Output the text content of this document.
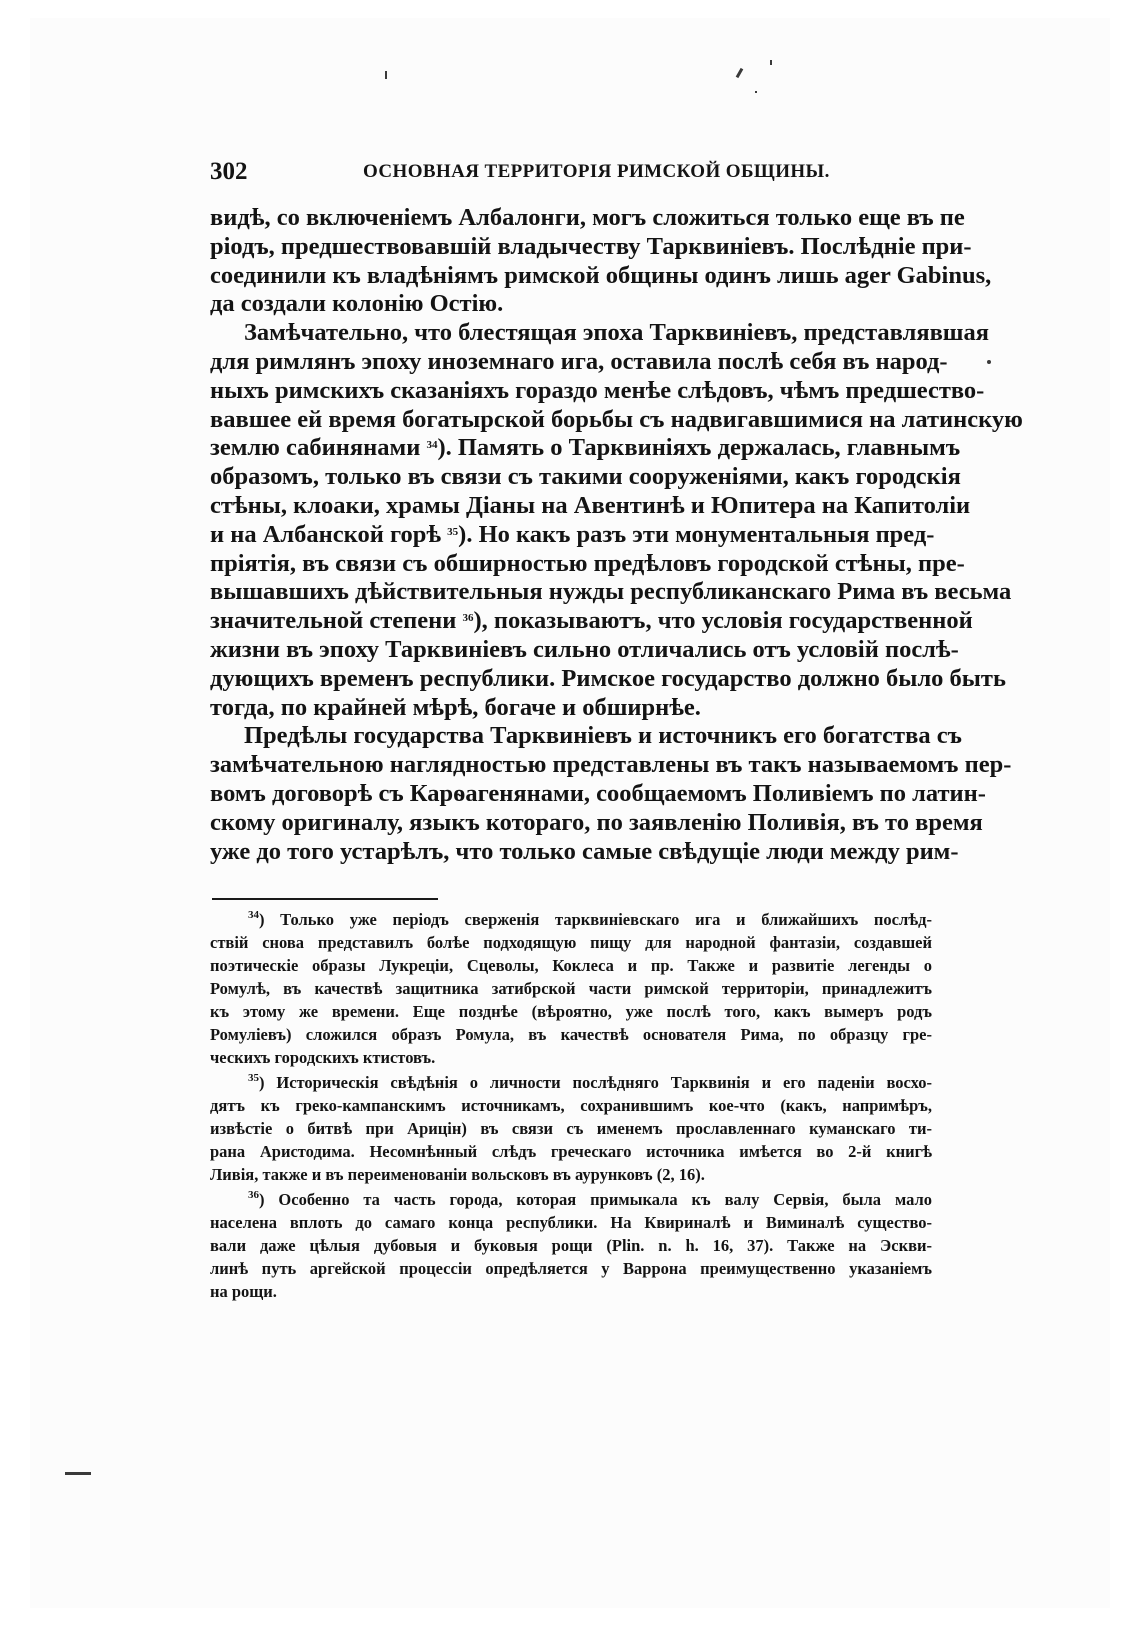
302	ОСНОВНАЯ ТЕРРИТОРІЯ РИМСКОЙ ОБЩИНЫ.

видѣ, со включеніемъ Албалонги, могъ сложиться только еще въ пе
ріодъ, предшествовавшій владычеству Тарквиніевъ. Послѣдніе при-
соединили къ владѣніямъ римской общины одинъ лишь ager Gabinus,
да создали колонію Остію.

Замѣчательно, что блестящая эпоха Тарквиніевъ, представлявшая
для римлянъ эпоху иноземнаго ига, оставила послѣ себя въ народ-
ныхъ римскихъ сказаніяхъ гораздо менѣе слѣдовъ, чѣмъ предшество-
вавшее ей время богатырской борьбы съ надвигавшимися на латинскую
землю сабинянами $^{34}$). Память о Тарквиніяхъ держалась, главнымъ
образомъ, только въ связи съ такими сооруженіями, какъ городскія
стѣны, клоаки, храмы Діаны на Авентинѣ и Юпитера на Капитоліи
и на Албанской горѣ $^{35}$). Но какъ разъ эти монументальныя пред-
пріятія, въ связи съ обширностью предѣловъ городской стѣны, пре-
вышавшихъ дѣйствительныя нужды республиканскаго Рима въ весьма
значительной степени $^{36}$), показываютъ, что условія государственной
жизни въ эпоху Тарквиніевъ сильно отличались отъ условій послѣ-
дующихъ временъ республики. Римское государство должно было быть
тогда, по крайней мѣрѣ, богаче и обширнѣе.

Предѣлы государства Тарквиніевъ и источникъ его богатства съ
замѣчательною наглядностью представлены въ такъ называемомъ пер-
вомъ договорѣ съ Карѳагенянами, сообщаемомъ Поливіемъ по латин-
скому оригиналу, языкъ котораго, по заявленію Поливія, въ то время
уже до того устарѣлъ, что только самые свѣдущіе люди между рим-

$^{34}$) Только уже періодъ сверженія тарквиніевскаго ига и ближайшихъ послѣд-
ствій снова представилъ болѣе подходящую пищу для народной фантазіи, создавшей
поэтическіе образы Лукреціи, Сцеволы, Коклеса и пр. Также и развитіе легенды о
Ромулѣ, въ качествѣ защитника затибрской части римской территоріи, принадлежитъ
къ этому же времени. Еще позднѣе (вѣроятно, уже послѣ того, какъ вымеръ родъ
Ромуліевъ) сложился образъ Ромула, въ качествѣ основателя Рима, по образцу гре-
ческихъ городскихъ ктистовъ.

$^{35}$) Историческія свѣдѣнія о личности послѣдняго Тарквинія и его паденіи восхо-
дятъ къ греко-кампанскимъ источникамъ, сохранившимъ кое-что (какъ, напримѣръ,
извѣстіе о битвѣ при Арицін) въ связи съ именемъ прославленнаго куманскаго ти-
рана Аристодима. Несомнѣнный слѣдъ греческаго источника имѣется во 2-й книгѣ
Ливія, также и въ переименованіи вольсковъ въ аурунковъ (2, 16).

$^{36}$) Особенно та часть города, которая примыкала къ валу Сервія, была мало
населена вплоть до самаго конца республики. На Квириналѣ и Виминалѣ существо-
вали даже цѣлыя дубовыя и буковыя рощи (Plin. n. h. 16, 37). Также на Эскви-
линѣ путь аргейской процессіи опредѣляется у Варрона преимущественно указаніемъ
на рощи.
